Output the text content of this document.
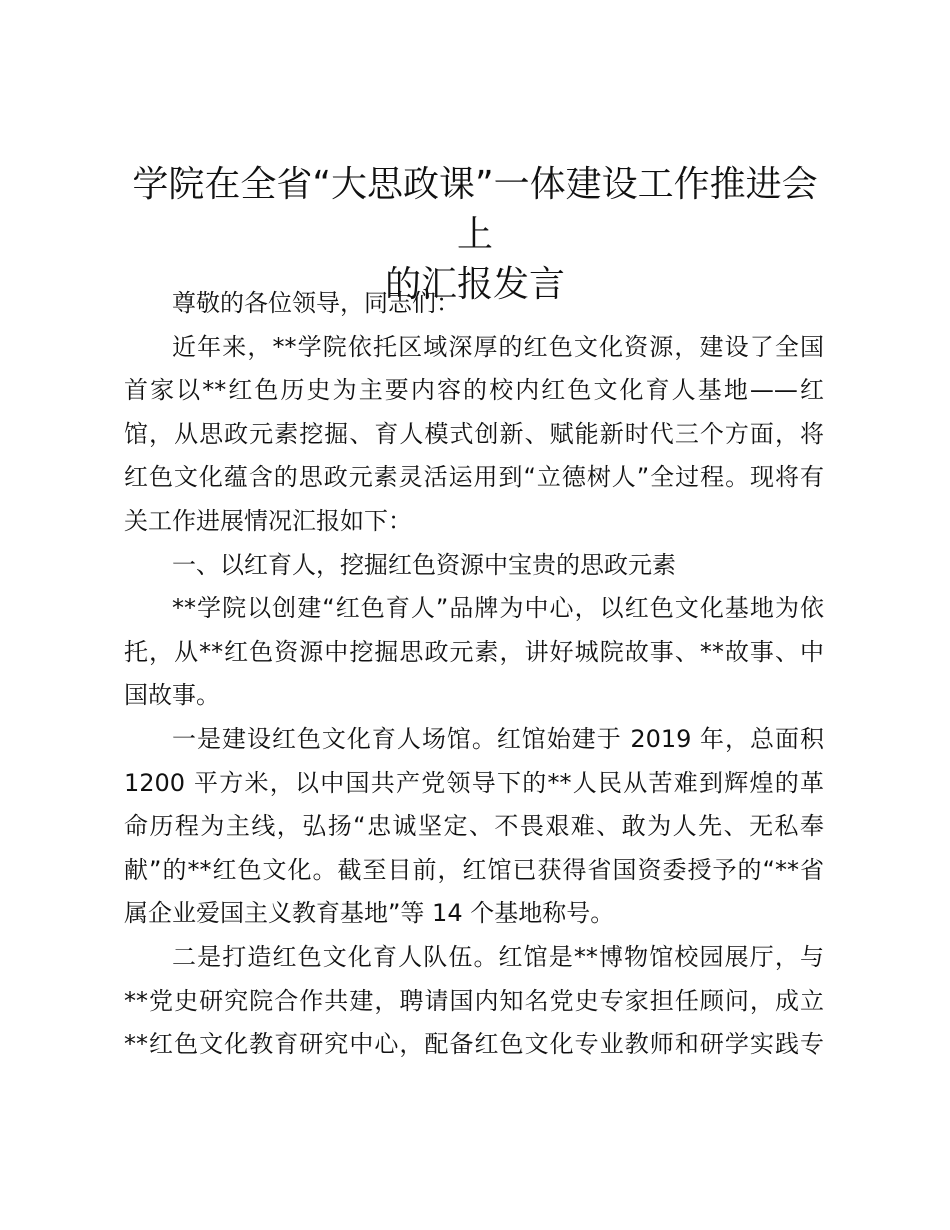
学院在全省“大思政课”一体建设工作推进会上
的汇报发言
尊敬的各位领导，同志们：
近年来，**学院依托区域深厚的红色文化资源，建设了全国
首家以**红色历史为主要内容的校内红色文化育人基地——红
馆，从思政元素挖掘、育人模式创新、赋能新时代三个方面，将
红色文化蕴含的思政元素灵活运用到“立德树人”全过程。现将有
关工作进展情况汇报如下：
一、以红育人，挖掘红色资源中宝贵的思政元素
**学院以创建“红色育人”品牌为中心，以红色文化基地为依
托，从**红色资源中挖掘思政元素，讲好城院故事、**故事、中
国故事。
一是建设红色文化育人场馆。红馆始建于 2019 年，总面积
1200 平方米，以中国共产党领导下的**人民从苦难到辉煌的革
命历程为主线，弘扬“忠诚坚定、不畏艰难、敢为人先、无私奉
献”的**红色文化。截至目前，红馆已获得省国资委授予的“**省
属企业爱国主义教育基地”等 14 个基地称号。
二是打造红色文化育人队伍。红馆是**博物馆校园展厅，与
**党史研究院合作共建，聘请国内知名党史专家担任顾问，成立
**红色文化教育研究中心，配备红色文化专业教师和研学实践专
